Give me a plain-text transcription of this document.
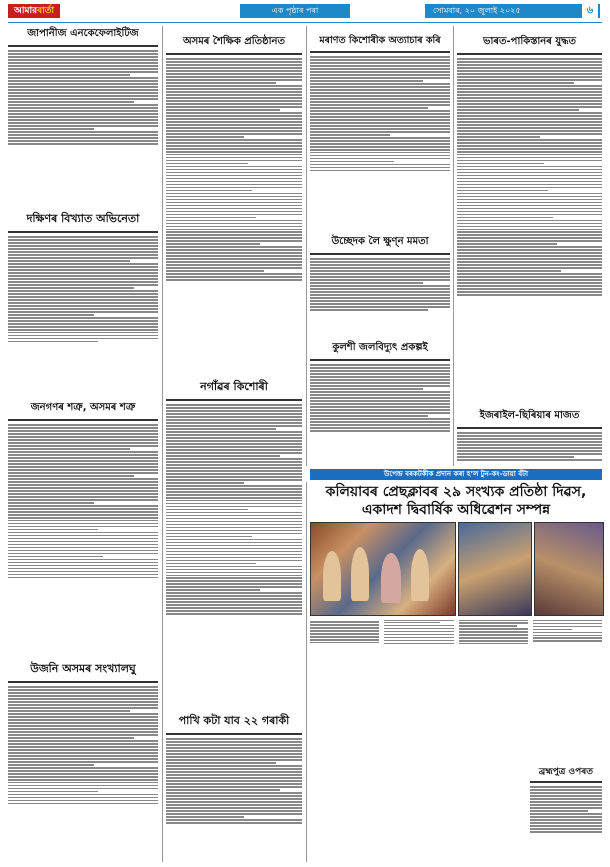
আমারবাৰ্তা	এক পৃষ্ঠাৰ পৰা	সোমবাৰ, ২০ জুলাই ২০২৫	৬
জাপানীজ এনকেফেলাইটিজ
দক্ষিণৰ বিখ্যাত অভিনেতা
জনগণৰ শত্ৰু, অসমৰ শত্ৰু
উজনি অসমৰ সংখ্যালঘু
অসমৰ শৈক্ষিক প্ৰতিষ্ঠানত
নগাঁৱৰ কিশোৰী
পাখি কটা যাব ২২ গৰাকী
মৰাণত কিশোৰীক অত্যাচাৰ কৰি
উচ্ছেদক লৈ ক্ষুণ্ন মমতা
কুলশী জলবিদ্যুৎ প্ৰকল্পই
ভাৰত-পাকিস্তানৰ যুদ্ধত
ইজৰাইল-ছিৰিয়াৰ মাজত
উপেন্দ্ৰ বৰকটকীক প্ৰদান কৰা হ’ল টুন-কং-ডায়া বঁটা
কলিয়াবৰ প্ৰেছক্লাবৰ ২৯ সংখ্যক প্ৰতিষ্ঠা দিৱস, একাদশ দ্বিবাৰ্ষিক অধিৱেশন সম্পন্ন
ব্ৰহ্মপুত্ৰ ওপৰত
